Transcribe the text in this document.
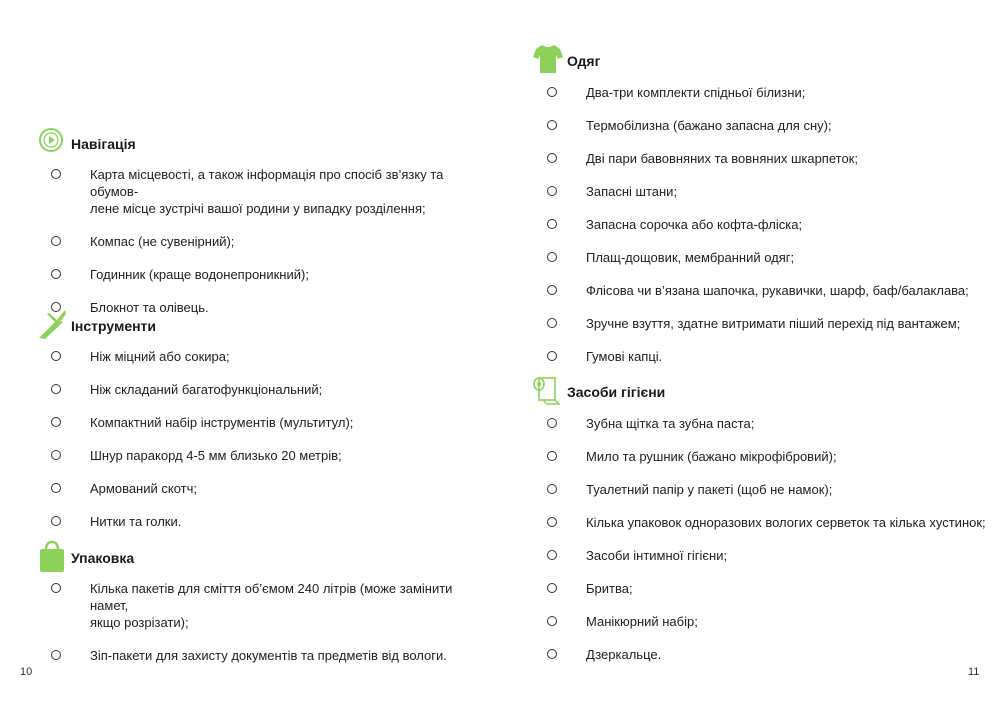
Навігація
Карта місцевості, а також інформація про спосіб зв’язку та обумов-
лене місце зустрічі вашої родини у випадку розділення;
Компас (не сувенірний);
Годинник (краще водонепроникний);
Блокнот та олівець.
Інструменти
Ніж міцний або сокира;
Ніж складаний багатофункціональний;
Компактний набір інструментів (мультитул);
Шнур паракорд 4-5 мм близько 20 метрів;
Армований скотч;
Нитки та голки.
Упаковка
Кілька пакетів для сміття об’ємом 240 літрів (може замінити намет,
якщо розрізати);
Зіп-пакети для захисту документів та предметів від вологи.
10
Одяг
Два-три комплекти спідньої білизни;
Термобілизна (бажано запасна для сну);
Дві пари бавовняних та вовняних шкарпеток;
Запасні штани;
Запасна сорочка або кофта-фліска;
Плащ-дощовик, мембранний одяг;
Флісова чи в’язана шапочка, рукавички, шарф, баф/балаклава;
Зручне взуття, здатне витримати піший перехід під вантажем;
Гумові капці.
Засоби гігієни
Зубна щітка та зубна паста;
Мило та рушник (бажано мікрофібровий);
Туалетний папір у пакеті (щоб не намок);
Кілька упаковок одноразових вологих серветок та кілька хустинок;
Засоби інтимної гігієни;
Бритва;
Манікюрний набір;
Дзеркальце.
11
